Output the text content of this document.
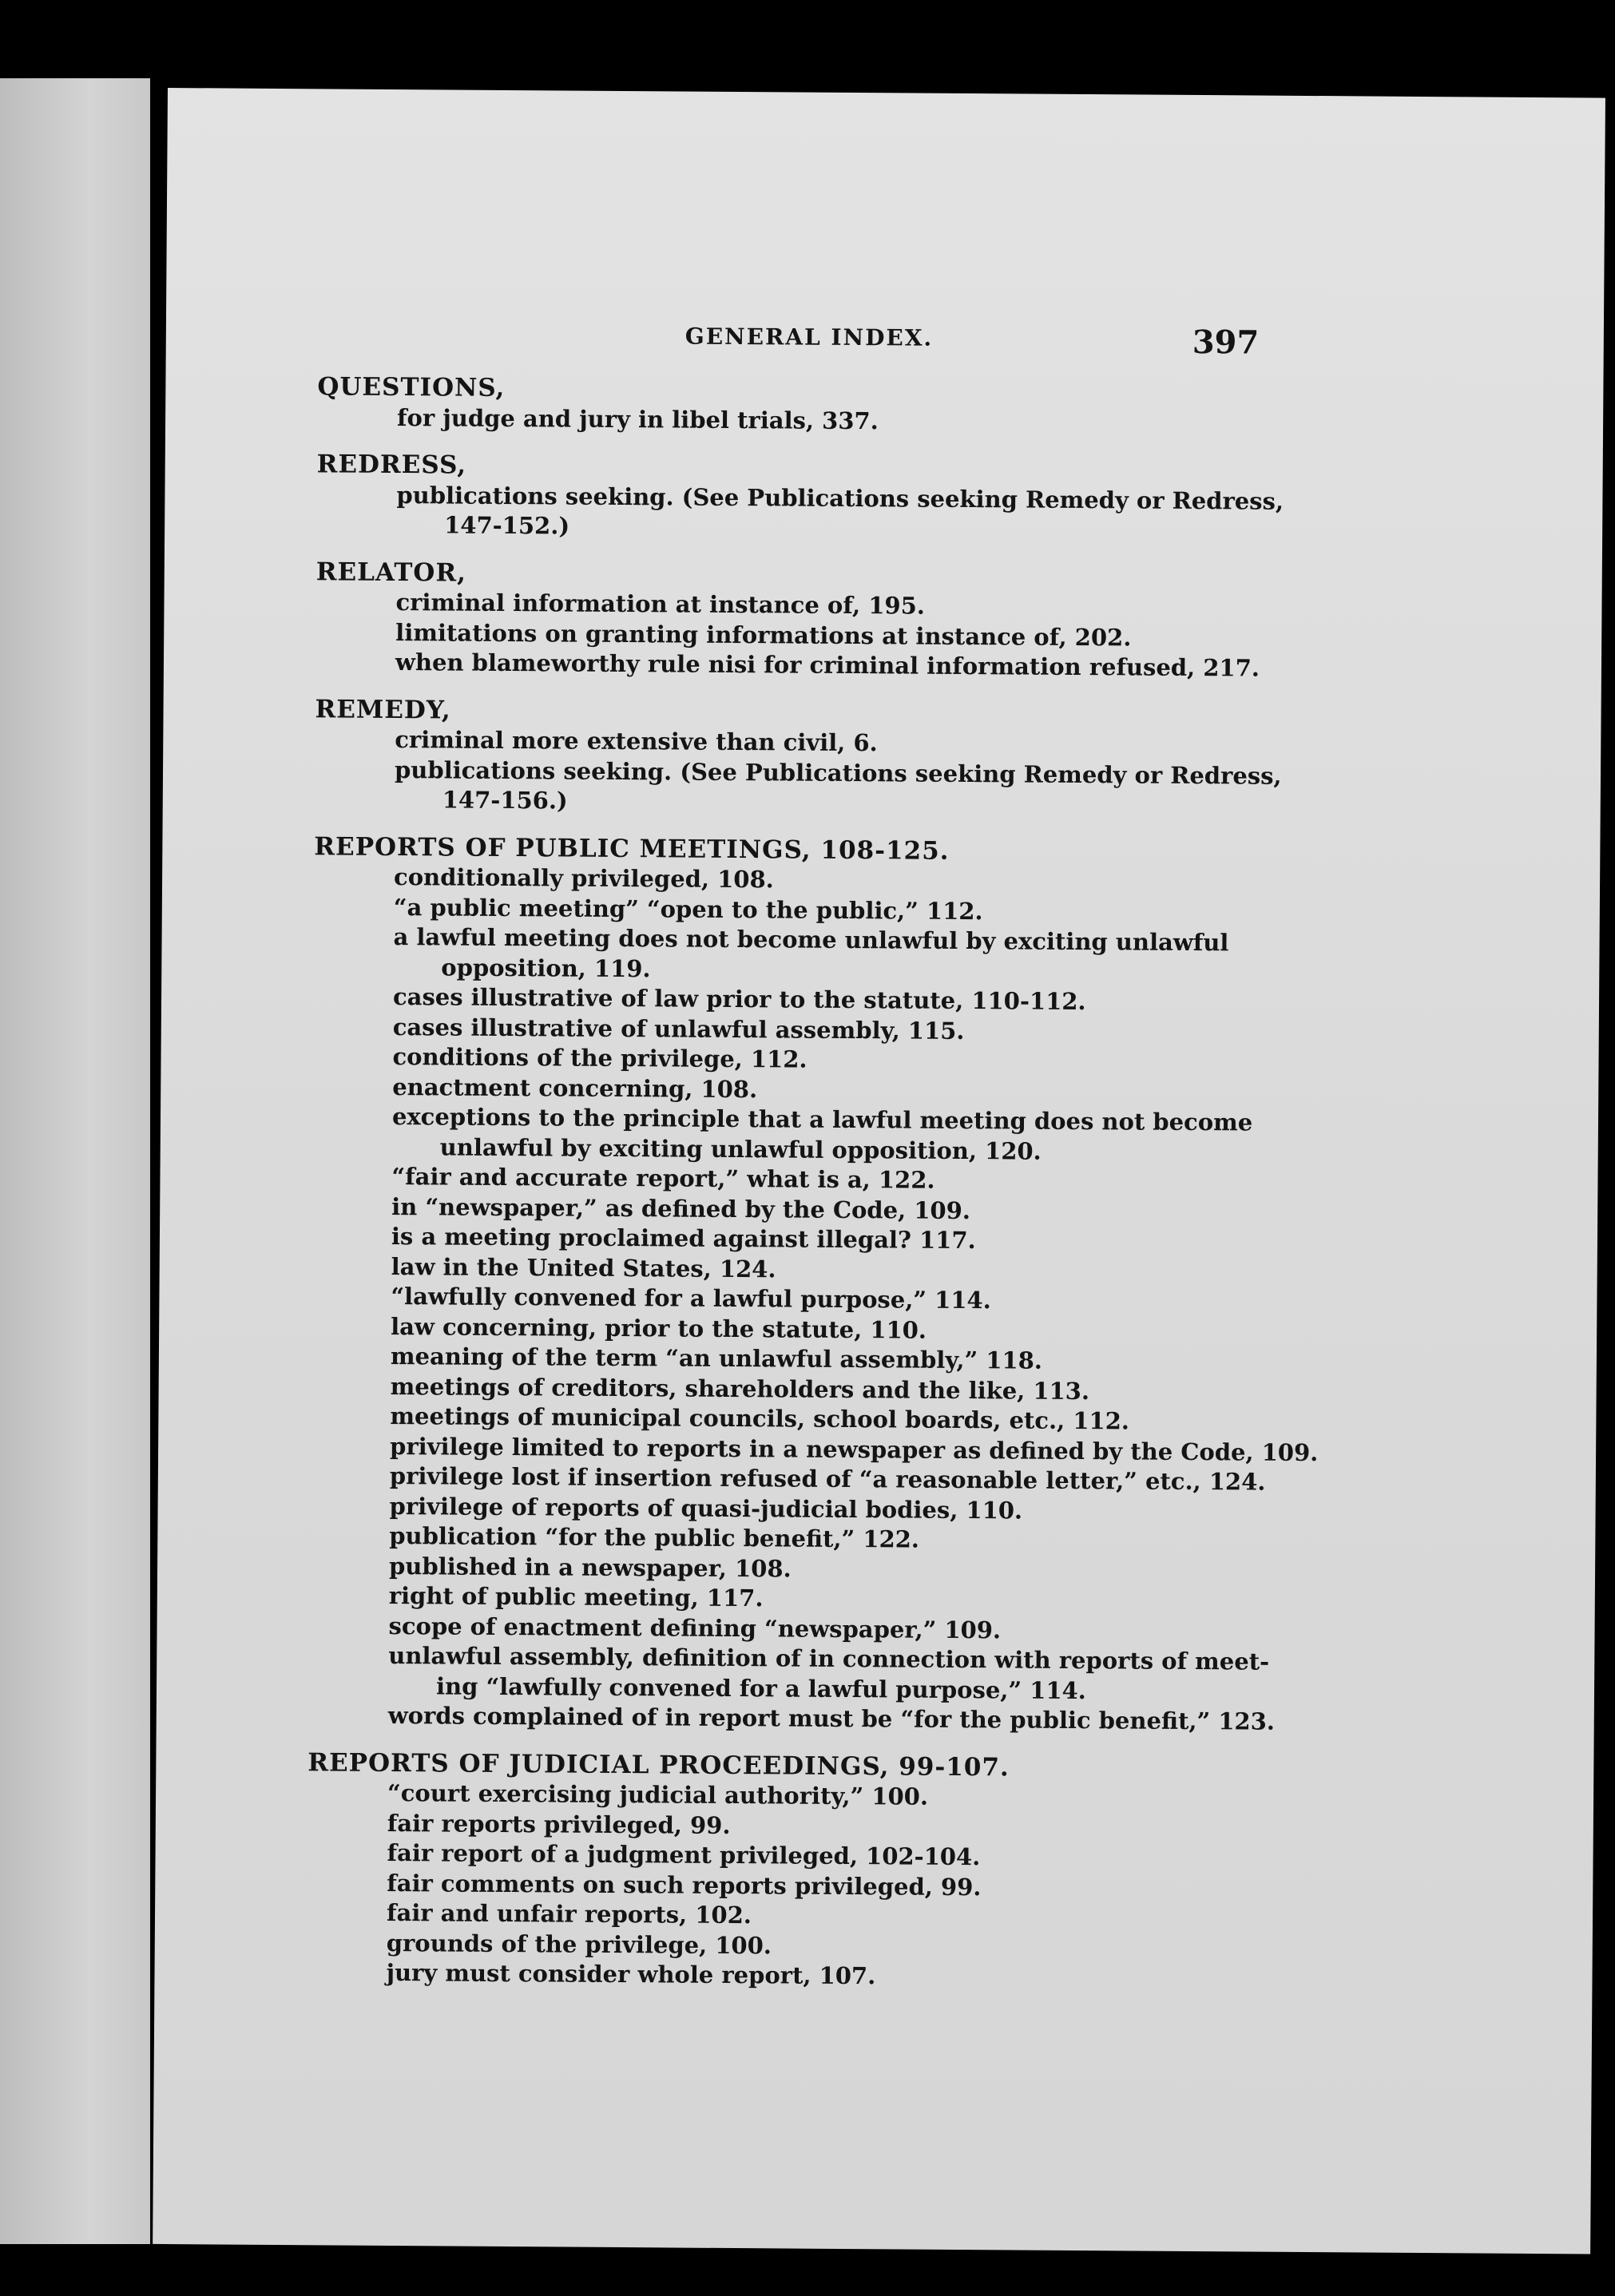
GENERAL INDEX.	397
QUESTIONS,
for judge and jury in libel trials, 337.
REDRESS,
publications seeking. (See Publications seeking Remedy or Redress,
147-152.)
RELATOR,
criminal information at instance of, 195.
limitations on granting informations at instance of, 202.
when blameworthy rule nisi for criminal information refused, 217.
REMEDY,
criminal more extensive than civil, 6.
publications seeking. (See Publications seeking Remedy or Redress,
147-156.)
REPORTS OF PUBLIC MEETINGS, 108-125.
conditionally privileged, 108.
“a public meeting” “open to the public,” 112.
a lawful meeting does not become unlawful by exciting unlawful
opposition, 119.
cases illustrative of law prior to the statute, 110-112.
cases illustrative of unlawful assembly, 115.
conditions of the privilege, 112.
enactment concerning, 108.
exceptions to the principle that a lawful meeting does not become
unlawful by exciting unlawful opposition, 120.
“fair and accurate report,” what is a, 122.
in “newspaper,” as defined by the Code, 109.
is a meeting proclaimed against illegal? 117.
law in the United States, 124.
“lawfully convened for a lawful purpose,” 114.
law concerning, prior to the statute, 110.
meaning of the term “an unlawful assembly,” 118.
meetings of creditors, shareholders and the like, 113.
meetings of municipal councils, school boards, etc., 112.
privilege limited to reports in a newspaper as defined by the Code, 109.
privilege lost if insertion refused of “a reasonable letter,” etc., 124.
privilege of reports of quasi-judicial bodies, 110.
publication “for the public benefit,” 122.
published in a newspaper, 108.
right of public meeting, 117.
scope of enactment defining “newspaper,” 109.
unlawful assembly, definition of in connection with reports of meet-
ing “lawfully convened for a lawful purpose,” 114.
words complained of in report must be “for the public benefit,” 123.
REPORTS OF JUDICIAL PROCEEDINGS, 99-107.
“court exercising judicial authority,” 100.
fair reports privileged, 99.
fair report of a judgment privileged, 102-104.
fair comments on such reports privileged, 99.
fair and unfair reports, 102.
grounds of the privilege, 100.
jury must consider whole report, 107.
